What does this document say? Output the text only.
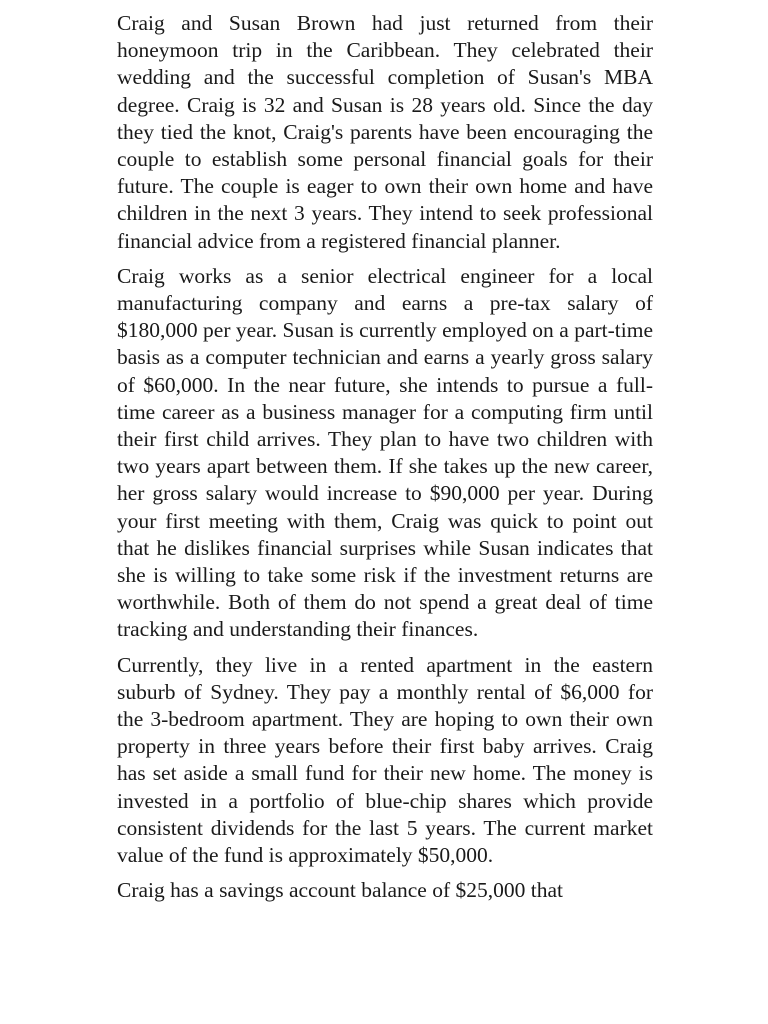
Craig and Susan Brown had just returned from their honeymoon trip in the Caribbean. They celebrated their wedding and the successful completion of Susan's MBA degree. Craig is 32 and Susan is 28 years old. Since the day they tied the knot, Craig's parents have been encouraging the couple to establish some personal financial goals for their future. The couple is eager to own their own home and have children in the next 3 years. They intend to seek professional financial advice from a registered financial planner.

Craig works as a senior electrical engineer for a local manufacturing company and earns a pre-tax salary of $180,000 per year. Susan is currently employed on a part-time basis as a computer technician and earns a yearly gross salary of $60,000. In the near future, she intends to pursue a full-time career as a business manager for a computing firm until their first child arrives. They plan to have two children with two years apart between them. If she takes up the new career, her gross salary would increase to $90,000 per year. During your first meeting with them, Craig was quick to point out that he dislikes financial surprises while Susan indicates that she is willing to take some risk if the investment returns are worthwhile. Both of them do not spend a great deal of time tracking and understanding their finances.

Currently, they live in a rented apartment in the eastern suburb of Sydney. They pay a monthly rental of $6,000 for the 3-bedroom apartment. They are hoping to own their own property in three years before their first baby arrives. Craig has set aside a small fund for their new home. The money is invested in a portfolio of blue-chip shares which provide consistent dividends for the last 5 years. The current market value of the fund is approximately $50,000.

Craig has a savings account balance of $25,000 that
